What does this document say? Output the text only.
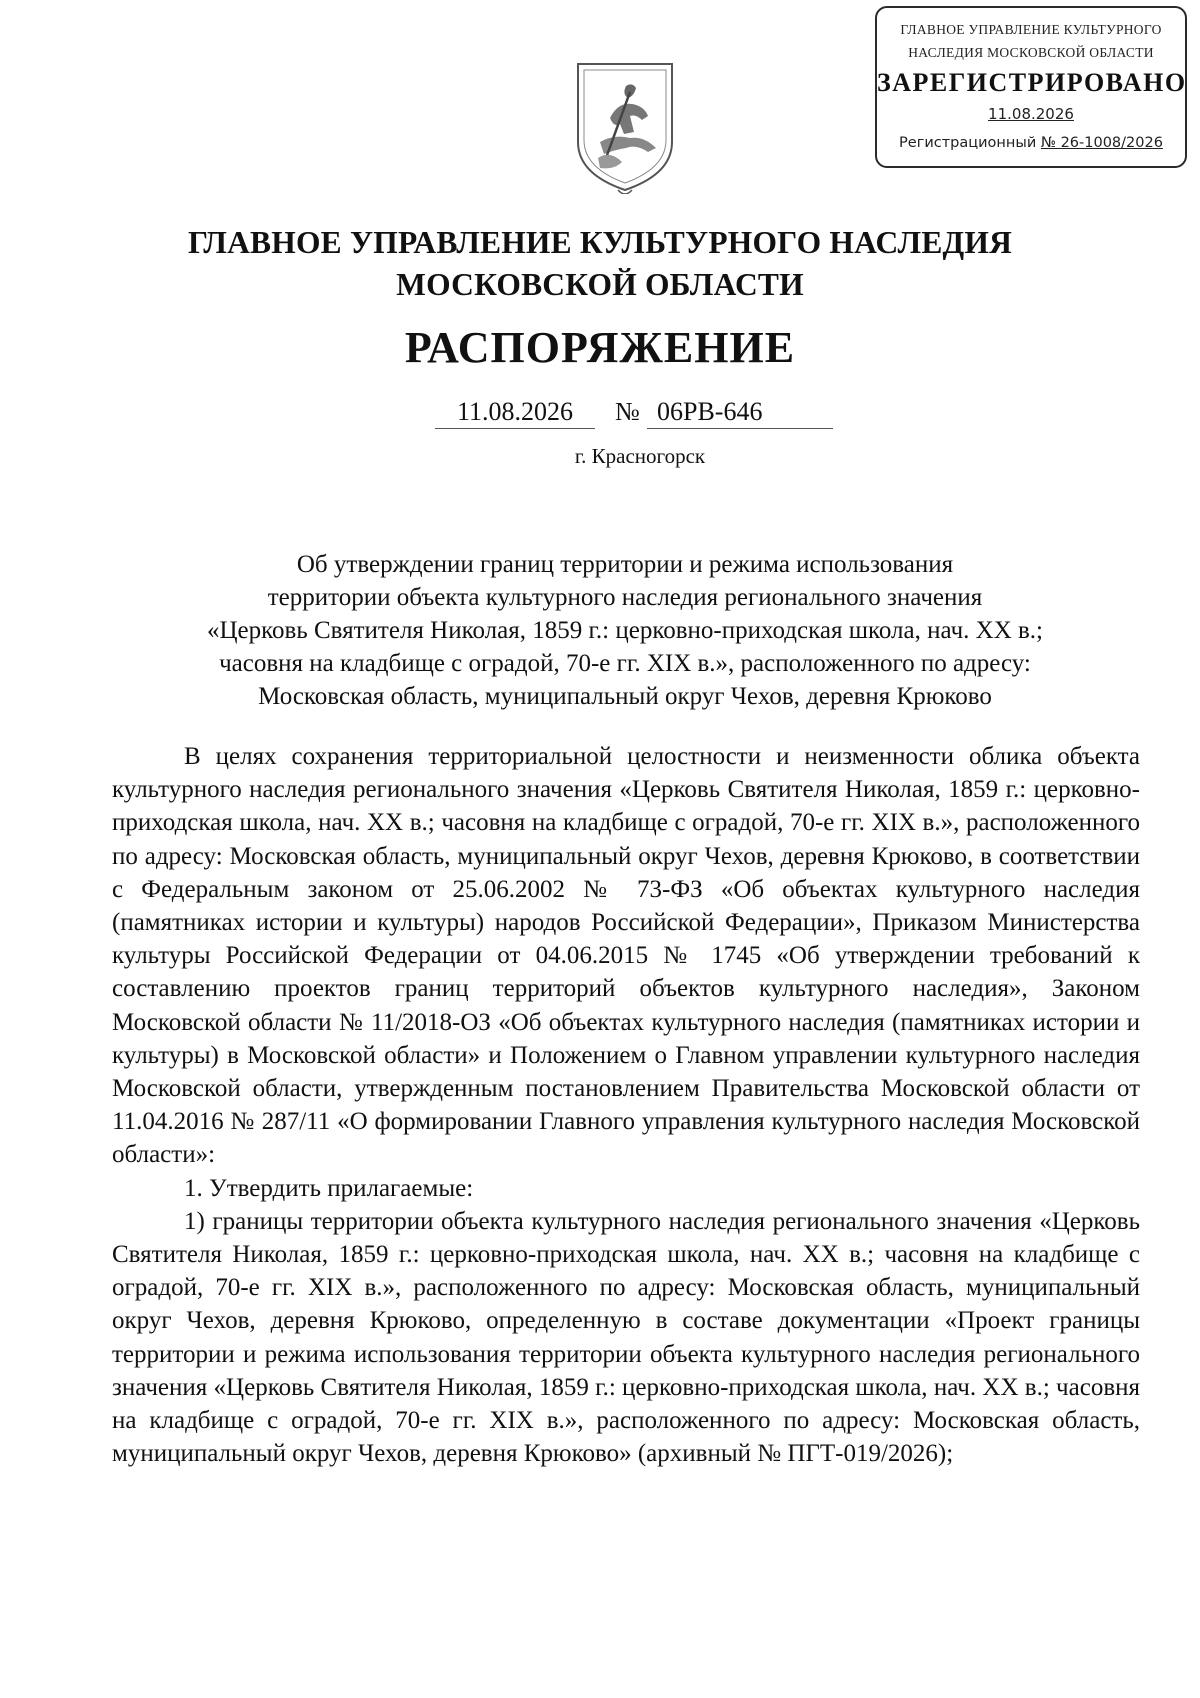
ГЛАВНОЕ УПРАВЛЕНИЕ КУЛЬТУРНОГО
НАСЛЕДИЯ МОСКОВСКОЙ ОБЛАСТИ
ЗАРЕГИСТРИРОВАНО
11.08.2026
Регистрационный № 26-1008/2026
ГЛАВНОЕ УПРАВЛЕНИЕ КУЛЬТУРНОГО НАСЛЕДИЯ
МОСКОВСКОЙ ОБЛАСТИ
РАСПОРЯЖЕНИЕ
11.08.2026	№ 06РВ-646
г. Красногорск
Об утверждении границ территории и режима использования
территории объекта культурного наследия регионального значения
«Церковь Святителя Николая, 1859 г.: церковно-приходская школа, нач. XX в.;
часовня на кладбище с оградой, 70-е гг. XIX в.», расположенного по адресу:
Московская область, муниципальный округ Чехов, деревня Крюково

В целях сохранения территориальной целостности и неизменности облика объекта культурного наследия регионального значения «Церковь Святителя Николая, 1859 г.: церковно-приходская школа, нач. XX в.; часовня на кладбище с оградой, 70-е гг. XIX в.», расположенного по адресу: Московская область, муниципальный округ Чехов, деревня Крюково, в соответствии с Федеральным законом от 25.06.2002 № 73-ФЗ «Об объектах культурного наследия (памятниках истории и культуры) народов Российской Федерации», Приказом Министерства культуры Российской Федерации от 04.06.2015 № 1745 «Об утверждении требований к составлению проектов границ территорий объектов культурного наследия», Законом Московской области № 11/2018-ОЗ «Об объектах культурного наследия (памятниках истории и культуры) в Московской области» и Положением о Главном управлении культурного наследия Московской области, утвержденным постановлением Правительства Московской области от 11.04.2016 № 287/11 «О формировании Главного управления культурного наследия Московской области»:

1. Утвердить прилагаемые:

1) границы территории объекта культурного наследия регионального значения «Церковь Святителя Николая, 1859 г.: церковно-приходская школа, нач. XX в.; часовня на кладбище с оградой, 70-е гг. XIX в.», расположенного по адресу: Московская область, муниципальный округ Чехов, деревня Крюково, определенную в составе документации «Проект границы территории и режима использования территории объекта культурного наследия регионального значения «Церковь Святителя Николая, 1859 г.: церковно-приходская школа, нач. XX в.; часовня на кладбище с оградой, 70-е гг. XIX в.», расположенного по адресу: Московская область, муниципальный округ Чехов, деревня Крюково» (архивный № ПГТ-019/2026);
